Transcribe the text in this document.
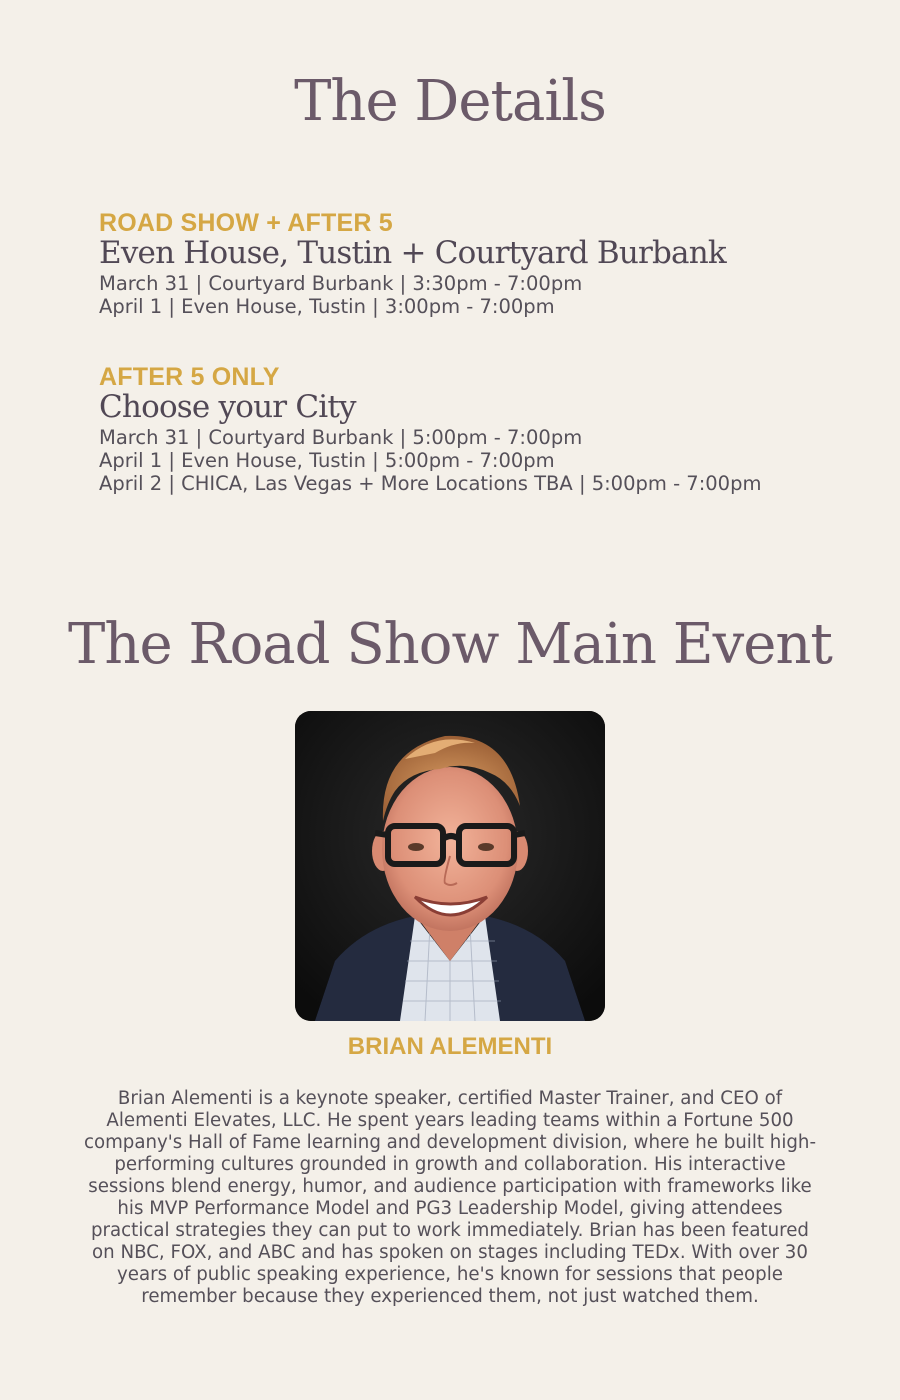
The Details
ROAD SHOW + AFTER 5
Even House, Tustin + Courtyard Burbank
March 31 | Courtyard Burbank | 3:30pm - 7:00pm
April 1 | Even House, Tustin | 3:00pm - 7:00pm
AFTER 5 ONLY
Choose your City
March 31 | Courtyard Burbank | 5:00pm - 7:00pm
April 1 | Even House, Tustin | 5:00pm - 7:00pm
April 2 | CHICA, Las Vegas + More Locations TBA | 5:00pm - 7:00pm
The Road Show Main Event
BRIAN ALEMENTI

Brian Alementi is a keynote speaker, certified Master Trainer, and CEO of Alementi Elevates, LLC. He spent years leading teams within a Fortune 500 company's Hall of Fame learning and development division, where he built high-performing cultures grounded in growth and collaboration. His interactive sessions blend energy, humor, and audience participation with frameworks like his MVP Performance Model and PG3 Leadership Model, giving attendees practical strategies they can put to work immediately. Brian has been featured on NBC, FOX, and ABC and has spoken on stages including TEDx. With over 30 years of public speaking experience, he's known for sessions that people remember because they experienced them, not just watched them.
